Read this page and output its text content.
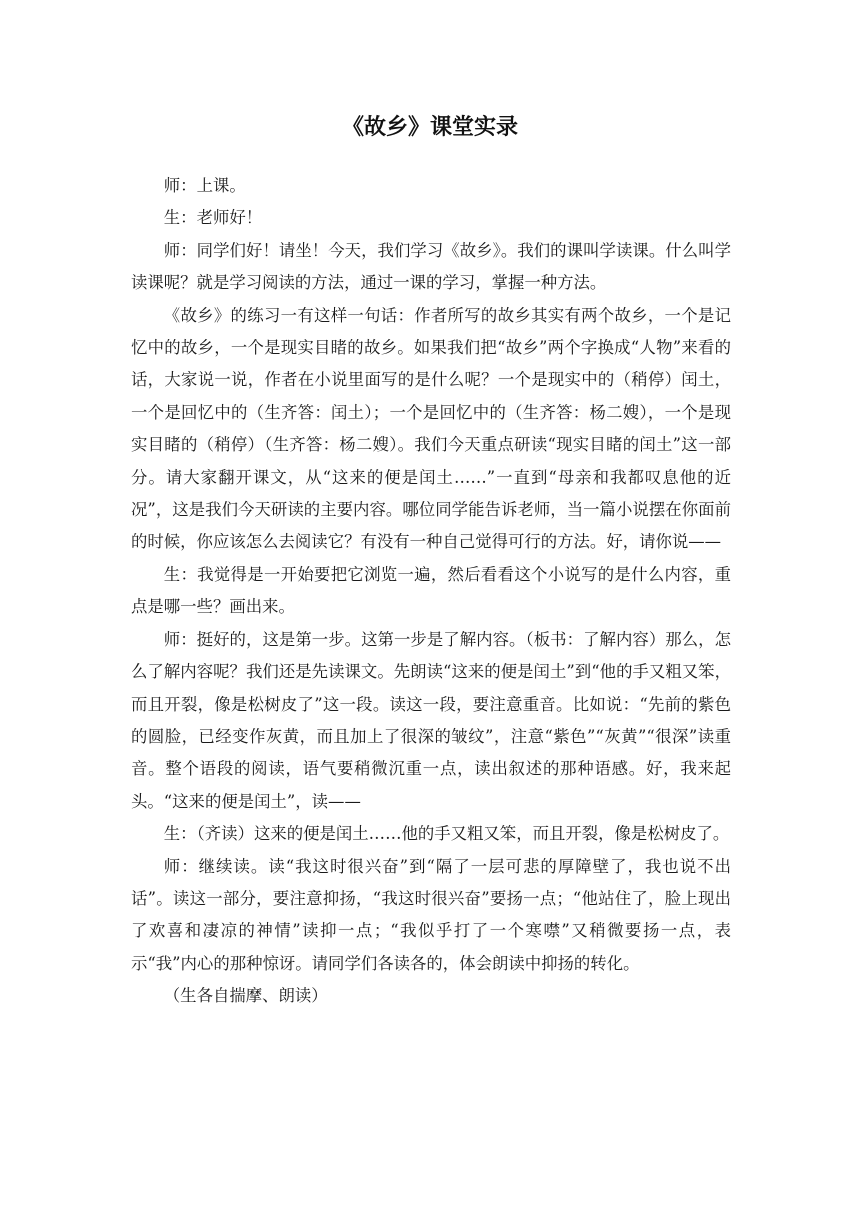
《故乡》课堂实录

师：上课。

生：老师好！

师：同学们好！请坐！今天，我们学习《故乡》。我们的课叫学读课。什么叫学读课呢？就是学习阅读的方法，通过一课的学习，掌握一种方法。

《故乡》的练习一有这样一句话：作者所写的故乡其实有两个故乡，一个是记忆中的故乡，一个是现实目睹的故乡。如果我们把“故乡”两个字换成“人物”来看的话，大家说一说，作者在小说里面写的是什么呢？一个是现实中的（稍停）闰土，一个是回忆中的（生齐答：闰土）；一个是回忆中的（生齐答：杨二嫂），一个是现实目睹的（稍停）（生齐答：杨二嫂）。我们今天重点研读“现实目睹的闰土”这一部分。请大家翻开课文，从“这来的便是闰土……”一直到“母亲和我都叹息他的近况”，这是我们今天研读的主要内容。哪位同学能告诉老师，当一篇小说摆在你面前的时候，你应该怎么去阅读它？有没有一种自己觉得可行的方法。好，请你说——

生：我觉得是一开始要把它浏览一遍，然后看看这个小说写的是什么内容，重点是哪一些？画出来。

师：挺好的，这是第一步。这第一步是了解内容。（板书：了解内容）那么，怎么了解内容呢？我们还是先读课文。先朗读“这来的便是闰土”到“他的手又粗又笨，而且开裂，像是松树皮了”这一段。读这一段，要注意重音。比如说：“先前的紫色的圆脸，已经变作灰黄，而且加上了很深的皱纹”，注意“紫色”“灰黄”“很深”读重音。整个语段的阅读，语气要稍微沉重一点，读出叙述的那种语感。好，我来起头。“这来的便是闰土”，读——

生：（齐读）这来的便是闰土……他的手又粗又笨，而且开裂，像是松树皮了。

师：继续读。读“我这时很兴奋”到“隔了一层可悲的厚障壁了，我也说不出话”。读这一部分，要注意抑扬，“我这时很兴奋”要扬一点；“他站住了，脸上现出了欢喜和凄凉的神情”读抑一点；“我似乎打了一个寒噤”又稍微要扬一点，表示“我”内心的那种惊讶。请同学们各读各的，体会朗读中抑扬的转化。

（生各自揣摩、朗读）
